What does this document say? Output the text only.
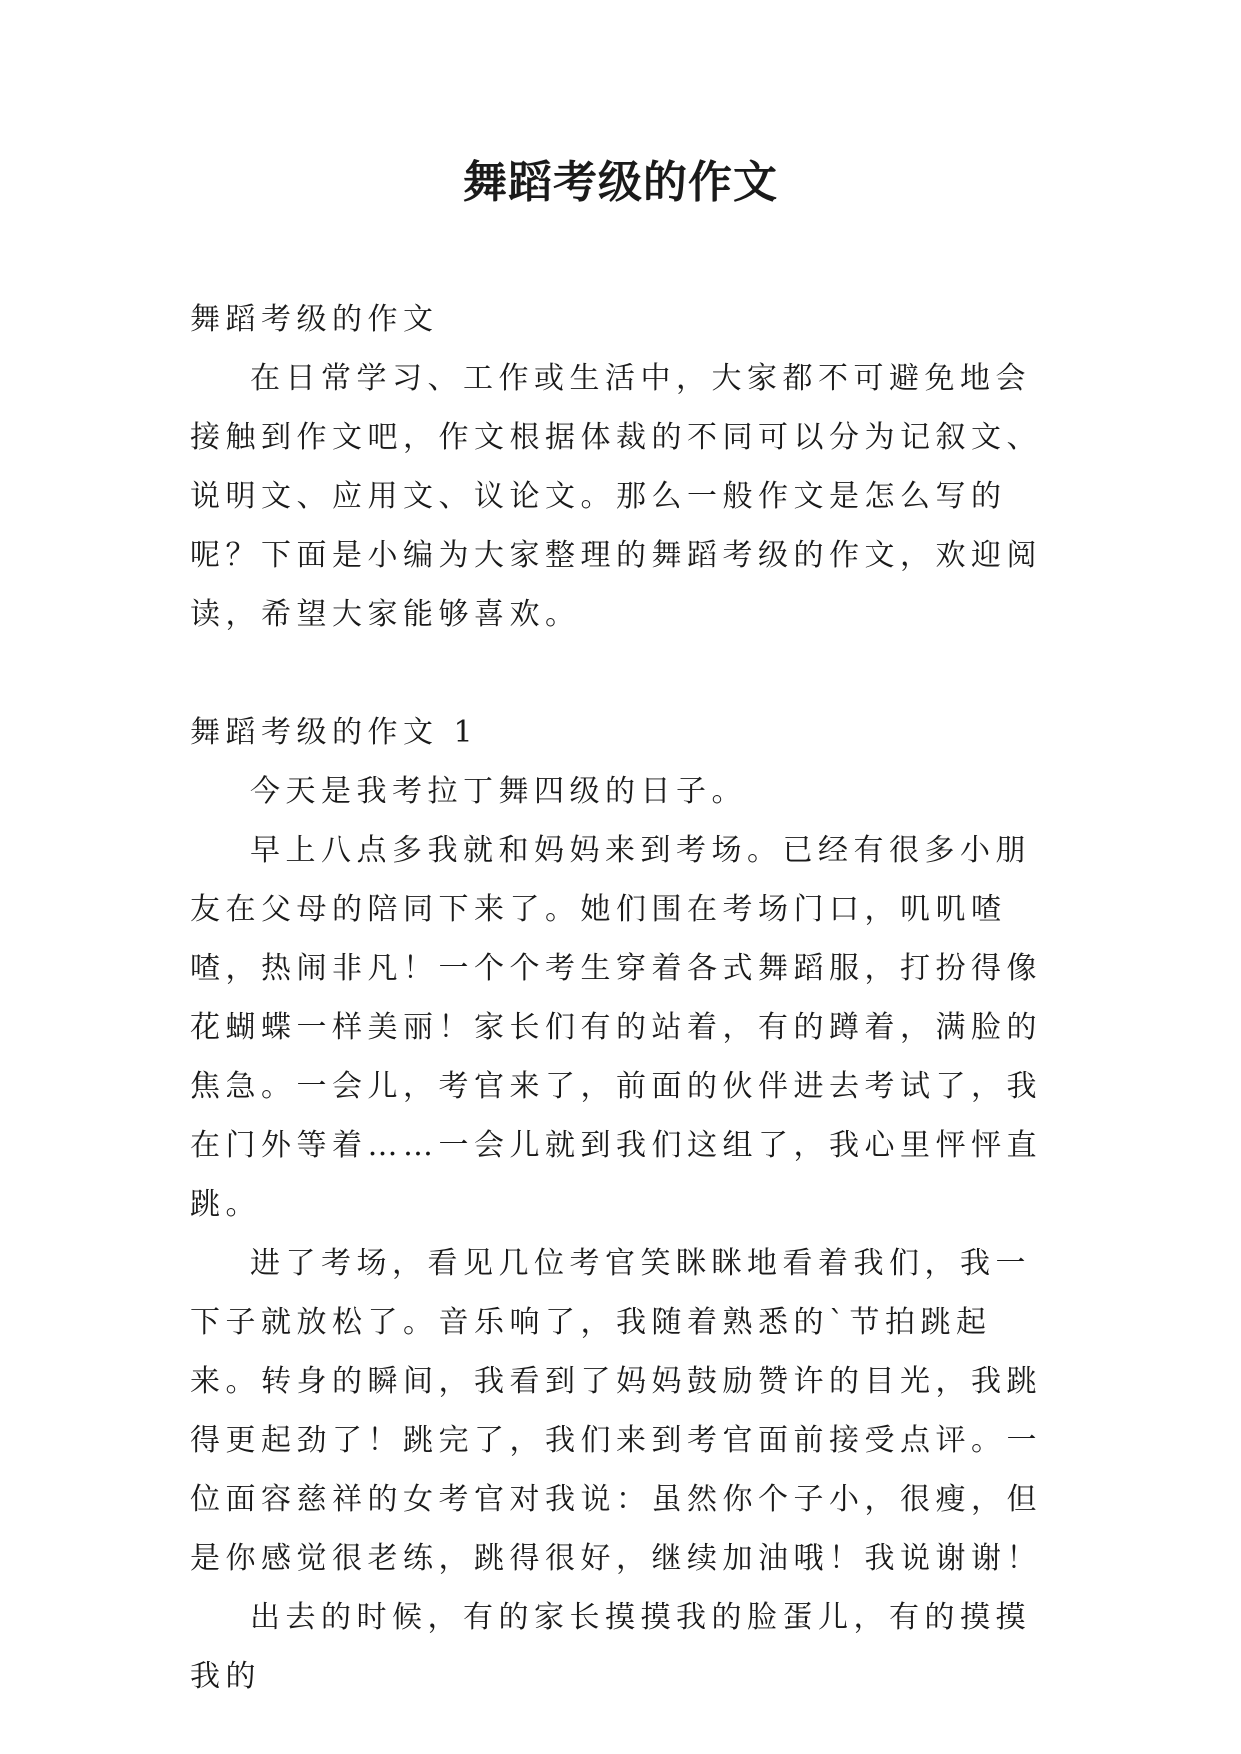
舞蹈考级的作文

舞蹈考级的作文

在日常学习、工作或生活中，大家都不可避免地会接触到作文吧，作文根据体裁的不同可以分为记叙文、说明文、应用文、议论文。那么一般作文是怎么写的呢？下面是小编为大家整理的舞蹈考级的作文，欢迎阅读，希望大家能够喜欢。

舞蹈考级的作文 1

今天是我考拉丁舞四级的日子。

早上八点多我就和妈妈来到考场。已经有很多小朋友在父母的陪同下来了。她们围在考场门口，叽叽喳喳，热闹非凡！一个个考生穿着各式舞蹈服，打扮得像花蝴蝶一样美丽！家长们有的站着，有的蹲着，满脸的焦急。一会儿，考官来了，前面的伙伴进去考试了，我在门外等着……一会儿就到我们这组了，我心里怦怦直跳。

进了考场，看见几位考官笑眯眯地看着我们，我一下子就放松了。音乐响了，我随着熟悉的`节拍跳起来。转身的瞬间，我看到了妈妈鼓励赞许的目光，我跳得更起劲了！跳完了，我们来到考官面前接受点评。一位面容慈祥的女考官对我说：虽然你个子小，很瘦，但是你感觉很老练，跳得很好，继续加油哦！我说谢谢！

出去的时候，有的家长摸摸我的脸蛋儿，有的摸摸我的
